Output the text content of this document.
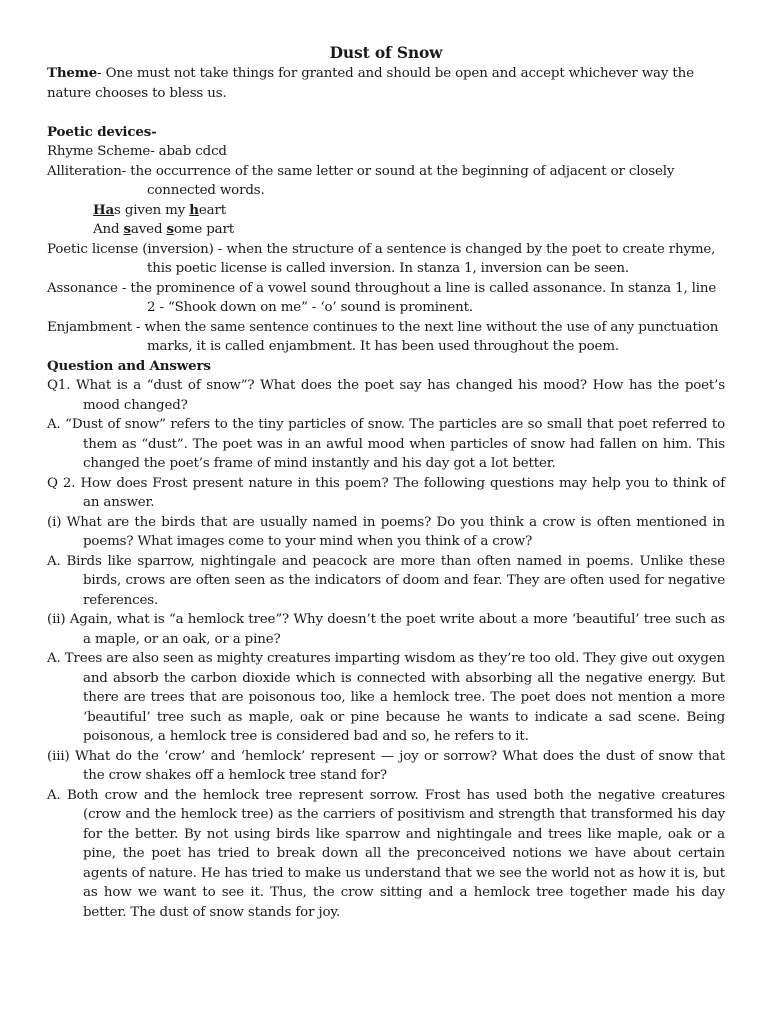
Dust of Snow

Theme- One must not take things for granted and should be open and accept whichever way the nature chooses to bless us.

Poetic devices-

Rhyme Scheme- abab cdcd

Alliteration- the occurrence of the same letter or sound at the beginning of adjacent or closely connected words.

Has given my heart

And saved some part

Poetic license (inversion) - when the structure of a sentence is changed by the poet to create rhyme, this poetic license is called inversion. In stanza 1, inversion can be seen.

Assonance - the prominence of a vowel sound throughout a line is called assonance. In stanza 1, line 2 - “Shook down on me” - ‘o’ sound is prominent.

Enjambment - when the same sentence continues to the next line without the use of any punctuation marks, it is called enjambment. It has been used throughout the poem.

Question and Answers

Q1. What is a “dust of snow”? What does the poet say has changed his mood? How has the poet’s mood changed?

A. “Dust of snow” refers to the tiny particles of snow. The particles are so small that poet referred to them as “dust”. The poet was in an awful mood when particles of snow had fallen on him. This changed the poet’s frame of mind instantly and his day got a lot better.

Q 2. How does Frost present nature in this poem? The following questions may help you to think of an answer.

(i) What are the birds that are usually named in poems? Do you think a crow is often mentioned in poems? What images come to your mind when you think of a crow?

A. Birds like sparrow, nightingale and peacock are more than often named in poems. Unlike these birds, crows are often seen as the indicators of doom and fear. They are often used for negative references.

(ii) Again, what is “a hemlock tree”? Why doesn’t the poet write about a more ‘beautiful’ tree such as a maple, or an oak, or a pine?

A. Trees are also seen as mighty creatures imparting wisdom as they’re too old. They give out oxygen and absorb the carbon dioxide which is connected with absorbing all the negative energy. But there are trees that are poisonous too, like a hemlock tree. The poet does not mention a more ‘beautiful’ tree such as maple, oak or pine because he wants to indicate a sad scene. Being poisonous, a hemlock tree is considered bad and so, he refers to it.

(iii) What do the ‘crow’ and ‘hemlock’ represent — joy or sorrow? What does the dust of snow that the crow shakes off a hemlock tree stand for?

A. Both crow and the hemlock tree represent sorrow. Frost has used both the negative creatures (crow and the hemlock tree) as the carriers of positivism and strength that transformed his day for the better. By not using birds like sparrow and nightingale and trees like maple, oak or a pine, the poet has tried to break down all the preconceived notions we have about certain agents of nature. He has tried to make us understand that we see the world not as how it is, but as how we want to see it. Thus, the crow sitting and a hemlock tree together made his day better. The dust of snow stands for joy.
